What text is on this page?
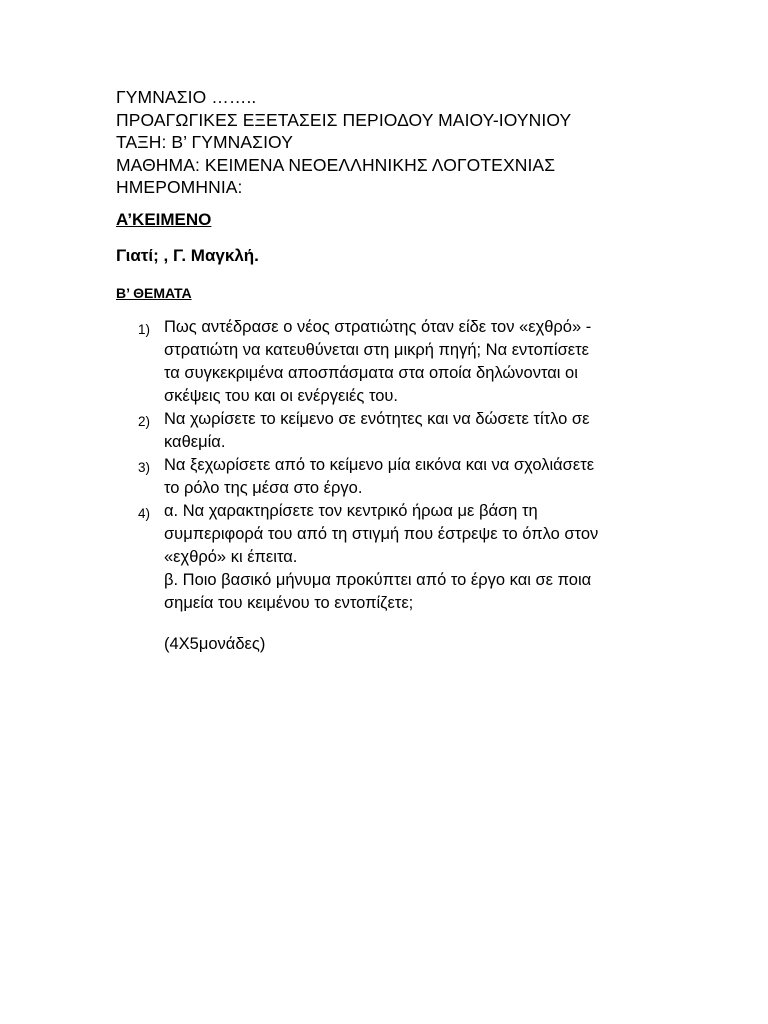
ΓΥΜΝΑΣΙΟ ……..
ΠΡΟΑΓΩΓΙΚΕΣ ΕΞΕΤΑΣΕΙΣ ΠΕΡΙΟΔΟΥ ΜΑΙΟΥ-ΙΟΥΝΙΟΥ
ΤΑΞΗ: Β’ ΓΥΜΝΑΣΙΟΥ
ΜΑΘΗΜΑ: ΚΕΙΜΕΝΑ ΝΕΟΕΛΛΗΝΙΚΗΣ ΛΟΓΟΤΕΧΝΙΑΣ
ΗΜΕΡΟΜΗΝΙΑ:
Α’ΚΕΙΜΕΝΟ
Γιατί; , Γ. Μαγκλή.
Β’ ΘΕΜΑΤΑ
1) Πως αντέδρασε ο νέος στρατιώτης όταν είδε τον «εχθρό» -
στρατιώτη να κατευθύνεται στη μικρή πηγή; Να εντοπίσετε
τα συγκεκριμένα αποσπάσματα στα οποία δηλώνονται οι
σκέψεις του και οι ενέργειές του.
2) Να χωρίσετε το κείμενο σε ενότητες και να δώσετε τίτλο σε
καθεμία.
3) Να ξεχωρίσετε από το κείμενο μία εικόνα και να σχολιάσετε
το ρόλο της μέσα στο έργο.
4) α. Να χαρακτηρίσετε τον κεντρικό ήρωα με βάση τη
συμπεριφορά του από τη στιγμή που έστρεψε το όπλο στον
«εχθρό» κι έπειτα.
β. Ποιο βασικό μήνυμα προκύπτει από το έργο και σε ποια
σημεία του κειμένου το εντοπίζετε;
(4Χ5μονάδες)
